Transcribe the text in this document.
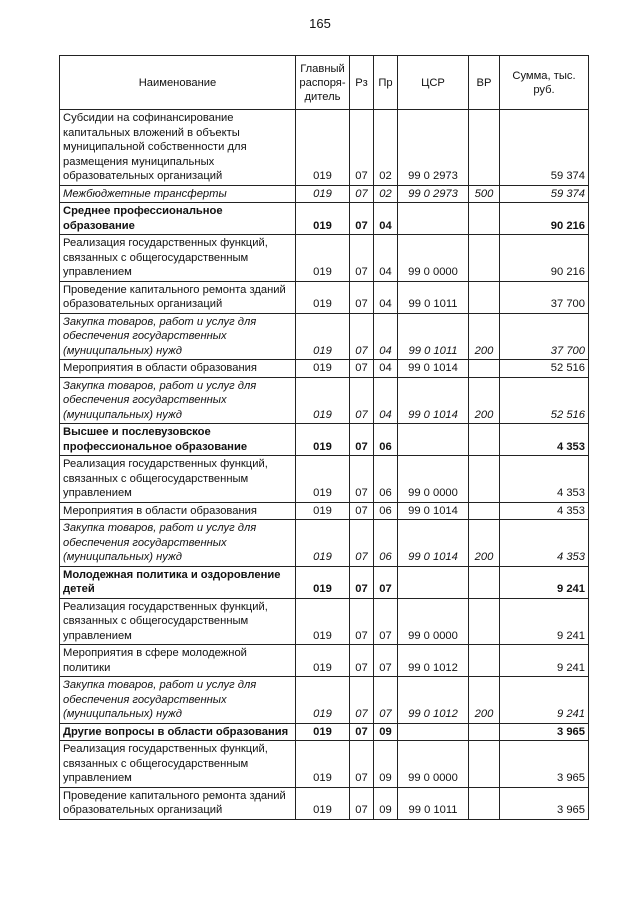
165
Наименование	Главный распоря-дитель	Рз	Пр	ЦСР	ВР	Сумма, тыс. руб.
Субсидии на софинансирование капитальных вложений в объекты муниципальной собственности для размещения муниципальных образовательных организаций	019	07	02	99 0 2973		59 374
Межбюджетные трансферты	019	07	02	99 0 2973	500	59 374
Среднее профессиональное образование	019	07	04			90 216
Реализация государственных функций, связанных с общегосударственным управлением	019	07	04	99 0 0000		90 216
Проведение капитального ремонта зданий образовательных организаций	019	07	04	99 0 1011		37 700
Закупка товаров, работ и услуг для обеспечения государственных (муниципальных) нужд	019	07	04	99 0 1011	200	37 700
Мероприятия в области образования	019	07	04	99 0 1014		52 516
Закупка товаров, работ и услуг для обеспечения государственных (муниципальных) нужд	019	07	04	99 0 1014	200	52 516
Высшее и послевузовское профессиональное образование	019	07	06			4 353
Реализация государственных функций, связанных с общегосударственным управлением	019	07	06	99 0 0000		4 353
Мероприятия в области образования	019	07	06	99 0 1014		4 353
Закупка товаров, работ и услуг для обеспечения государственных (муниципальных) нужд	019	07	06	99 0 1014	200	4 353
Молодежная политика и оздоровление детей	019	07	07			9 241
Реализация государственных функций, связанных с общегосударственным управлением	019	07	07	99 0 0000		9 241
Мероприятия в сфере молодежной политики	019	07	07	99 0 1012		9 241
Закупка товаров, работ и услуг для обеспечения государственных (муниципальных) нужд	019	07	07	99 0 1012	200	9 241
Другие вопросы в области образования	019	07	09			3 965
Реализация государственных функций, связанных с общегосударственным управлением	019	07	09	99 0 0000		3 965
Проведение капитального ремонта зданий образовательных организаций	019	07	09	99 0 1011		3 965
